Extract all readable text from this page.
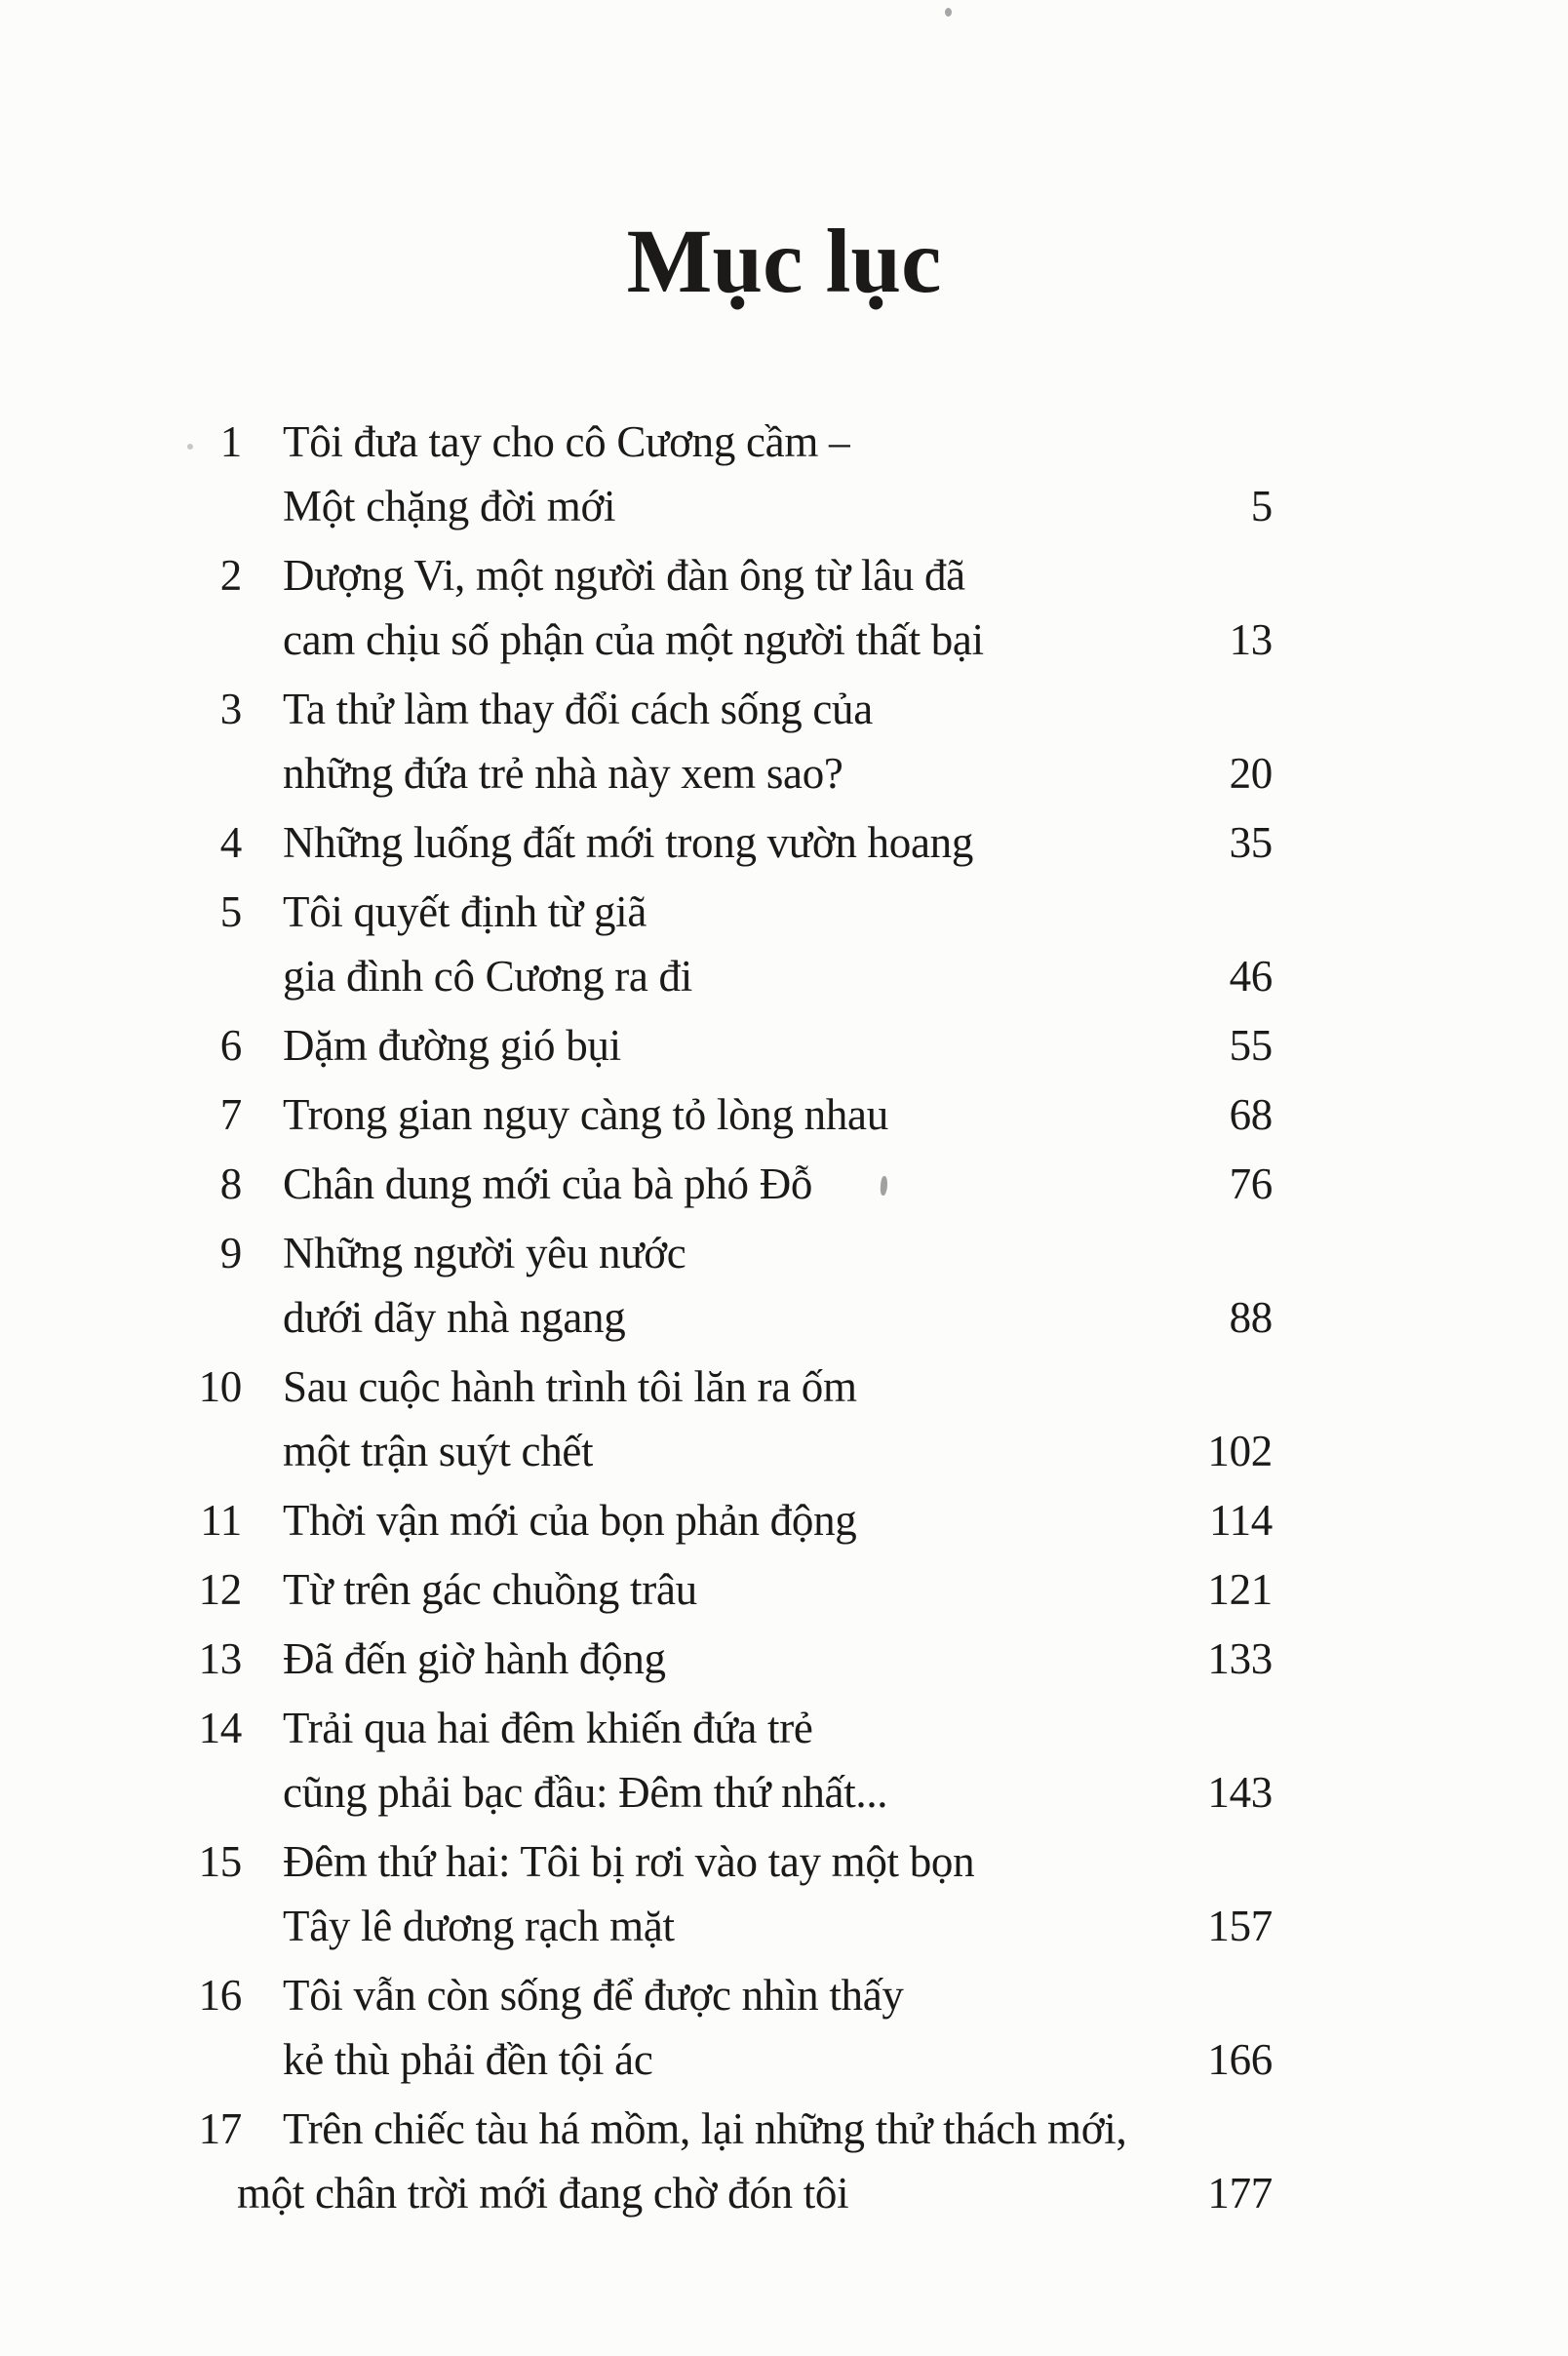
Mục lục
1 Tôi đưa tay cho cô Cương cầm –
Một chặng đời mới	5
2 Dượng Vi, một người đàn ông từ lâu đã
cam chịu số phận của một người thất bại	13
3 Ta thử làm thay đổi cách sống của
những đứa trẻ nhà này xem sao?	20
4 Những luống đất mới trong vườn hoang	35
5 Tôi quyết định từ giã
gia đình cô Cương ra đi	46
6 Dặm đường gió bụi	55
7 Trong gian nguy càng tỏ lòng nhau	68
8 Chân dung mới của bà phó Đỗ	76
9 Những người yêu nước
dưới dãy nhà ngang	88
10 Sau cuộc hành trình tôi lăn ra ốm
một trận suýt chết	102
11 Thời vận mới của bọn phản động	114
12 Từ trên gác chuồng trâu	121
13 Đã đến giờ hành động	133
14 Trải qua hai đêm khiến đứa trẻ
cũng phải bạc đầu: Đêm thứ nhất...	143
15 Đêm thứ hai: Tôi bị rơi vào tay một bọn
Tây lê dương rạch mặt	157
16 Tôi vẫn còn sống để được nhìn thấy
kẻ thù phải đền tội ác	166
17 Trên chiếc tàu há mồm, lại những thử thách mới,
một chân trời mới đang chờ đón tôi	177
